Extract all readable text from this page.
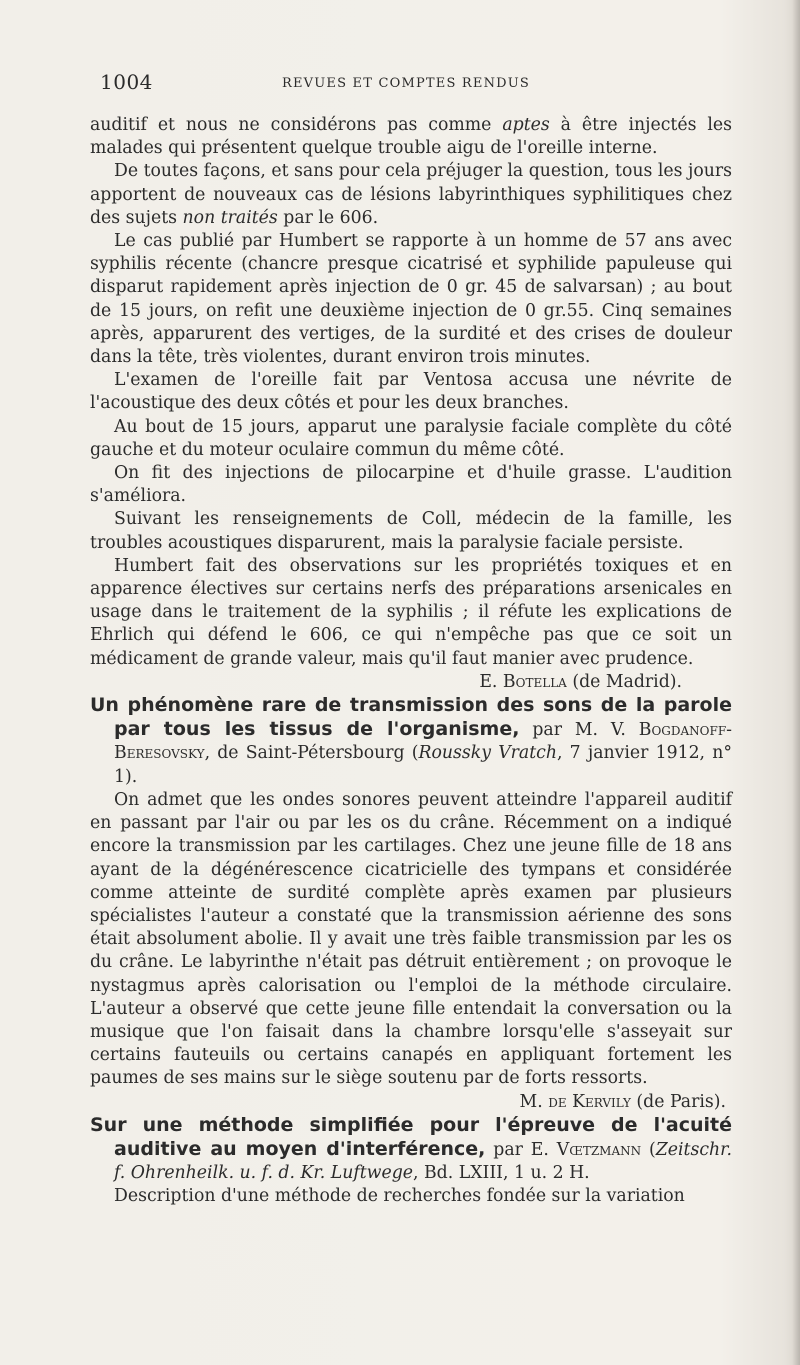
1004	REVUES ET COMPTES RENDUS

auditif et nous ne considérons pas comme aptes à être injectés les malades qui présentent quelque trouble aigu de l'oreille interne.

De toutes façons, et sans pour cela préjuger la question, tous les jours apportent de nouveaux cas de lésions labyrinthiques syphilitiques chez des sujets non traités par le 606.

Le cas publié par Humbert se rapporte à un homme de 57 ans avec syphilis récente (chancre presque cicatrisé et syphilide papuleuse qui disparut rapidement après injection de 0 gr. 45 de salvarsan) ; au bout de 15 jours, on refit une deuxième injection de 0 gr.55. Cinq semaines après, apparurent des vertiges, de la surdité et des crises de douleur dans la tête, très violentes, durant environ trois minutes.

L'examen de l'oreille fait par Ventosa accusa une névrite de l'acoustique des deux côtés et pour les deux branches.

Au bout de 15 jours, apparut une paralysie faciale complète du côté gauche et du moteur oculaire commun du même côté.

On fit des injections de pilocarpine et d'huile grasse. L'audition s'améliora.

Suivant les renseignements de Coll, médecin de la famille, les troubles acoustiques disparurent, mais la paralysie faciale persiste.

Humbert fait des observations sur les propriétés toxiques et en apparence électives sur certains nerfs des préparations arsenicales en usage dans le traitement de la syphilis ; il réfute les explications de Ehrlich qui défend le 606, ce qui n'empêche pas que ce soit un médicament de grande valeur, mais qu'il faut manier avec prudence.

E. Botella (de Madrid).

Un phénomène rare de transmission des sons de la parole par tous les tissus de l'organisme, par M. V. Bogdanoff-Beresovsky, de Saint-Pétersbourg (Roussky Vratch, 7 janvier 1912, n° 1).

On admet que les ondes sonores peuvent atteindre l'appareil auditif en passant par l'air ou par les os du crâne. Récemment on a indiqué encore la transmission par les cartilages. Chez une jeune fille de 18 ans ayant de la dégénérescence cicatricielle des tympans et considérée comme atteinte de surdité complète après examen par plusieurs spécialistes l'auteur a constaté que la transmission aérienne des sons était absolument abolie. Il y avait une très faible transmission par les os du crâne. Le labyrinthe n'était pas détruit entièrement ; on provoque le nystagmus après calorisation ou l'emploi de la méthode circulaire. L'auteur a observé que cette jeune fille entendait la conversation ou la musique que l'on faisait dans la chambre lorsqu'elle s'asseyait sur certains fauteuils ou certains canapés en appliquant fortement les paumes de ses mains sur le siège soutenu par de forts ressorts.

M. de Kervily (de Paris).

Sur une méthode simplifiée pour l'épreuve de l'acuité auditive au moyen d'interférence, par E. Vœtzmann (Zeitschr. f. Ohrenheilk. u. f. d. Kr. Luftwege, Bd. LXIII, 1 u. 2 H.

Description d'une méthode de recherches fondée sur la variation
